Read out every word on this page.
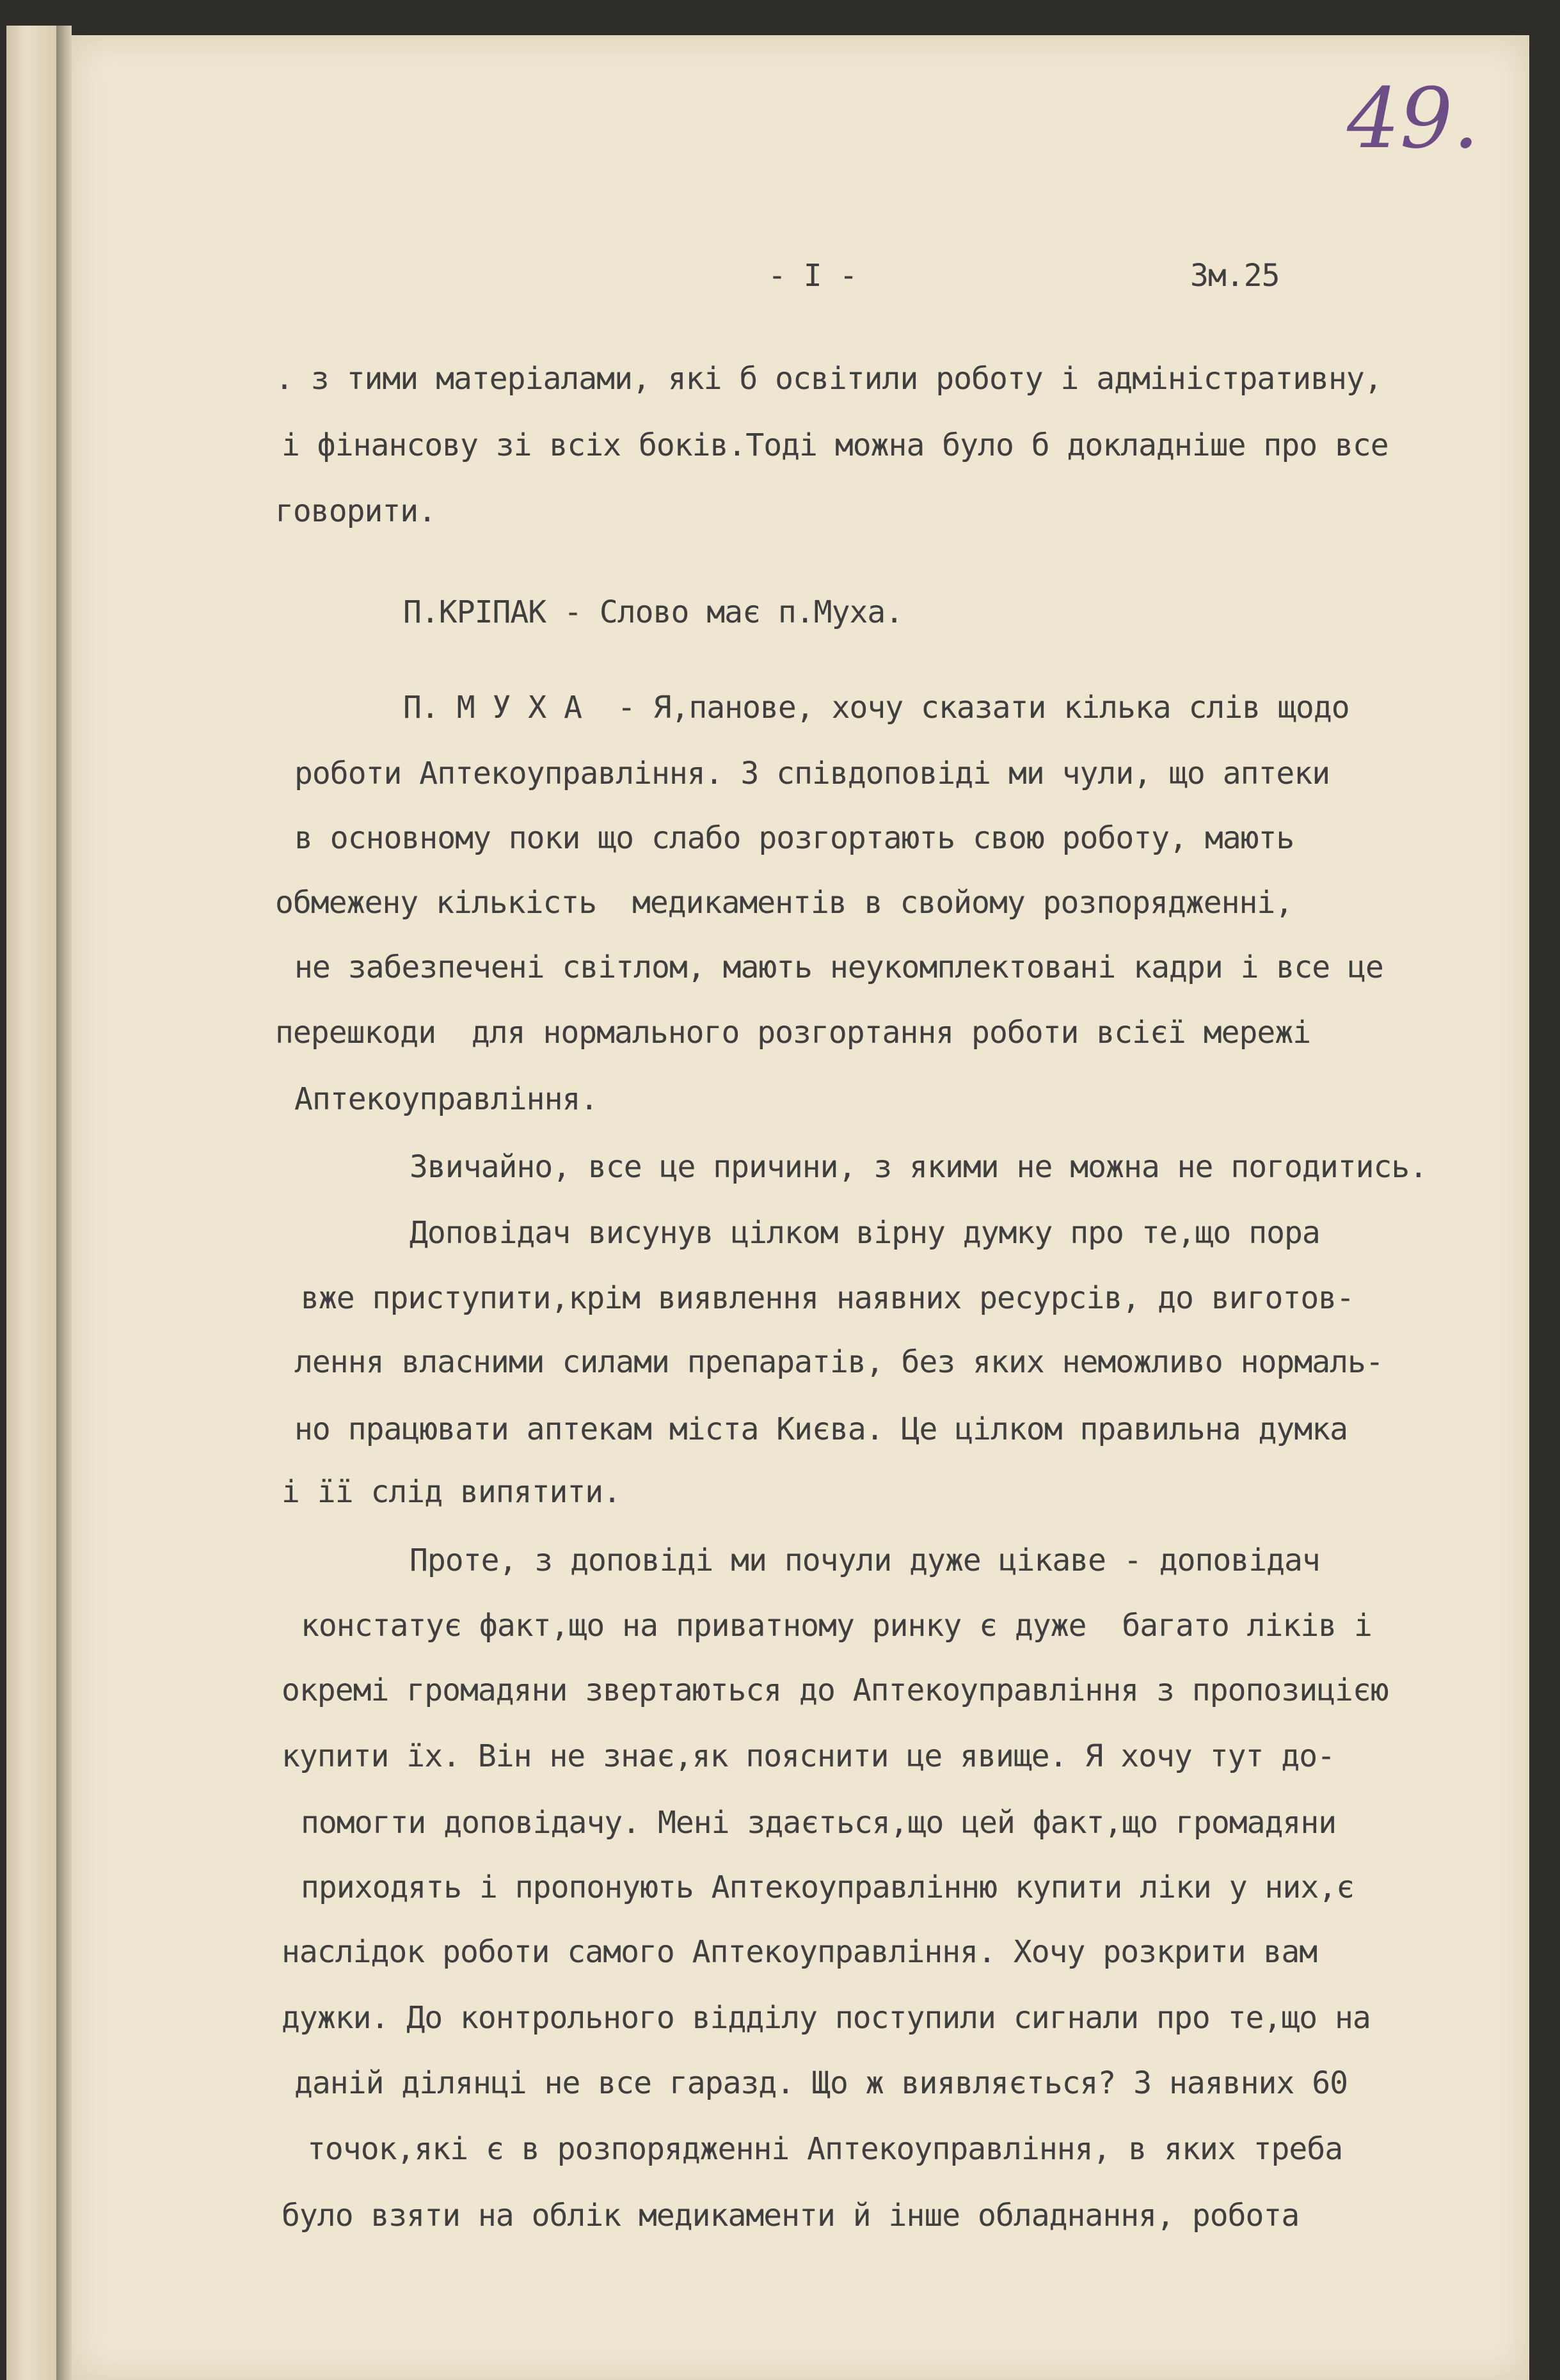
49.
- I -	Зм.25
. з тими матеріалами, які б освітили роботу і адміністративну,
і фінансову зі всіх боків.Тоді можна було б докладніше про все
говорити.
П.КРІПАК - Слово має п.Муха.
П. М У Х А  - Я,панове, хочу сказати кілька слів щодо
роботи Аптекоуправління. З співдоповіді ми чули, що аптеки
в основному поки що слабо розгортають свою роботу, мають
обмежену кількість  медикаментів в свойому розпорядженні,
не забезпечені світлом, мають неукомплектовані кадри і все це
перешкоди  для нормального розгортання роботи всієї мережі
Аптекоуправління.
Звичайно, все це причини, з якими не можна не погодитись.
Доповідач висунув цілком вірну думку про те,що пора
вже приступити,крім виявлення наявних ресурсів, до виготов-
лення власними силами препаратів, без яких неможливо нормаль-
но працювати аптекам міста Києва. Це цілком правильна думка
і її слід випятити.
Проте, з доповіді ми почули дуже цікаве - доповідач
констатує факт,що на приватному ринку є дуже  багато ліків і
окремі громадяни звертаються до Аптекоуправління з пропозицією
купити їх. Він не знає,як пояснити це явище. Я хочу тут до-
помогти доповідачу. Мені здається,що цей факт,що громадяни
приходять і пропонують Аптекоуправлінню купити ліки у них,є
наслідок роботи самого Аптекоуправління. Хочу розкрити вам
дужки. До контрольного відділу поступили сигнали про те,що на
даній ділянці не все гаразд. Що ж виявляється? З наявних 60
точок,які є в розпорядженні Аптекоуправління, в яких треба
було взяти на облік медикаменти й інше обладнання, робота
